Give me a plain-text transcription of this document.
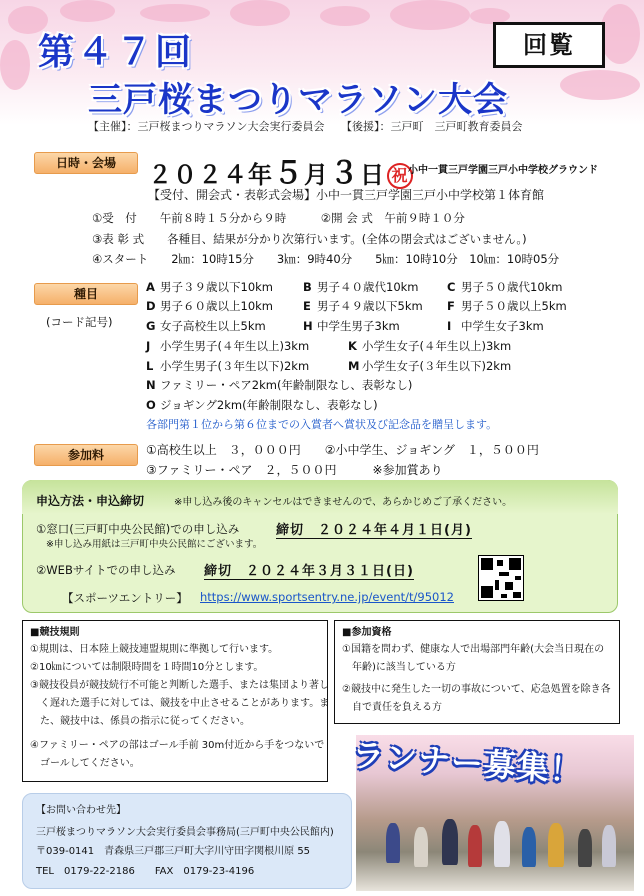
第４７回
三戸桜まつりマラソン大会
回覧
【主催】：三戸桜まつりマラソン大会実行委員会　　【後援】：三戸町　三戸町教育委員会
日時・会場	２０２４年５月３日 祝 小中一貫三戸学園三戸小中学校グラウンド
【受付、開会式・表彰式会場】小中一貫三戸学園三戸小中学校第１体育館
①受　付　　午前８時１５分から９時　　　②開 会 式　午前９時１０分
③表 彰 式　　各種目、結果が分かり次第行います。(全体の閉会式はございません。)
④スタート　　2㎞：10時15分　　3㎞：9時40分　　5㎞：10時10分　10㎞：10時05分
種目
(コード記号)
A 男子３９歳以下10km	B 男子４０歳代10km C 男子５０歳代10km
D 男子６０歳以上10km	E 男子４９歳以下5km F 男子５０歳以上5km
G 女子高校生以上5km	H 中学生男子3km	I 中学生女子3km
J 小学生男子(４年生以上)3km	K 小学生女子(４年生以上)3km
L 小学生男子(３年生以下)2km	M 小学生女子(３年生以下)2km
N ファミリー・ペア2km(年齢制限なし、表彰なし)
O ジョギング2km(年齢制限なし、表彰なし)
各部門第１位から第６位までの入賞者へ賞状及び記念品を贈呈します。
参加料	①高校生以上　３，０００円　　②小中学生、ジョギング　１，５００円
③ファミリー・ペア　２，５００円　　　※参加賞あり
申込方法・申込締切	※申し込み後のキャンセルはできませんので、あらかじめご了承ください。
①窓口(三戸町中央公民館)での申し込み	締切　２０２４年４月１日(月)
※申し込み用紙は三戸町中央公民館にございます。
②WEBサイトでの申し込み 締切　２０２４年３月３１日(日)
【スポーツエントリー】 https://www.sportsentry.ne.jp/event/t/95012
■競技規則
①規則は、日本陸上競技連盟規則に準拠して行います。
②10㎞については制限時間を１時間10分とします。
③競技役員が競技続行不可能と判断した選手、または集団より著し
　く遅れた選手に対しては、競技を中止させることがあります。ま
　た、競技中は、係員の指示に従ってください。
④ファミリー・ペアの部はゴール手前 30m付近から手をつないで
　ゴールしてください。
■参加資格
①国籍を問わず、健康な人で出場部門年齢(大会当日現在の
　年齢)に該当している方
②競技中に発生した一切の事故について、応急処置を除き各
　自で責任を負える方
ランナー募集！
【お問い合わせ先】
三戸桜まつりマラソン大会実行委員会事務局(三戸町中央公民館内)
〒039-0141　青森県三戸郡三戸町大字川守田字関根川原 55
TEL　0179-22-2186　　FAX　0179-23-4196
